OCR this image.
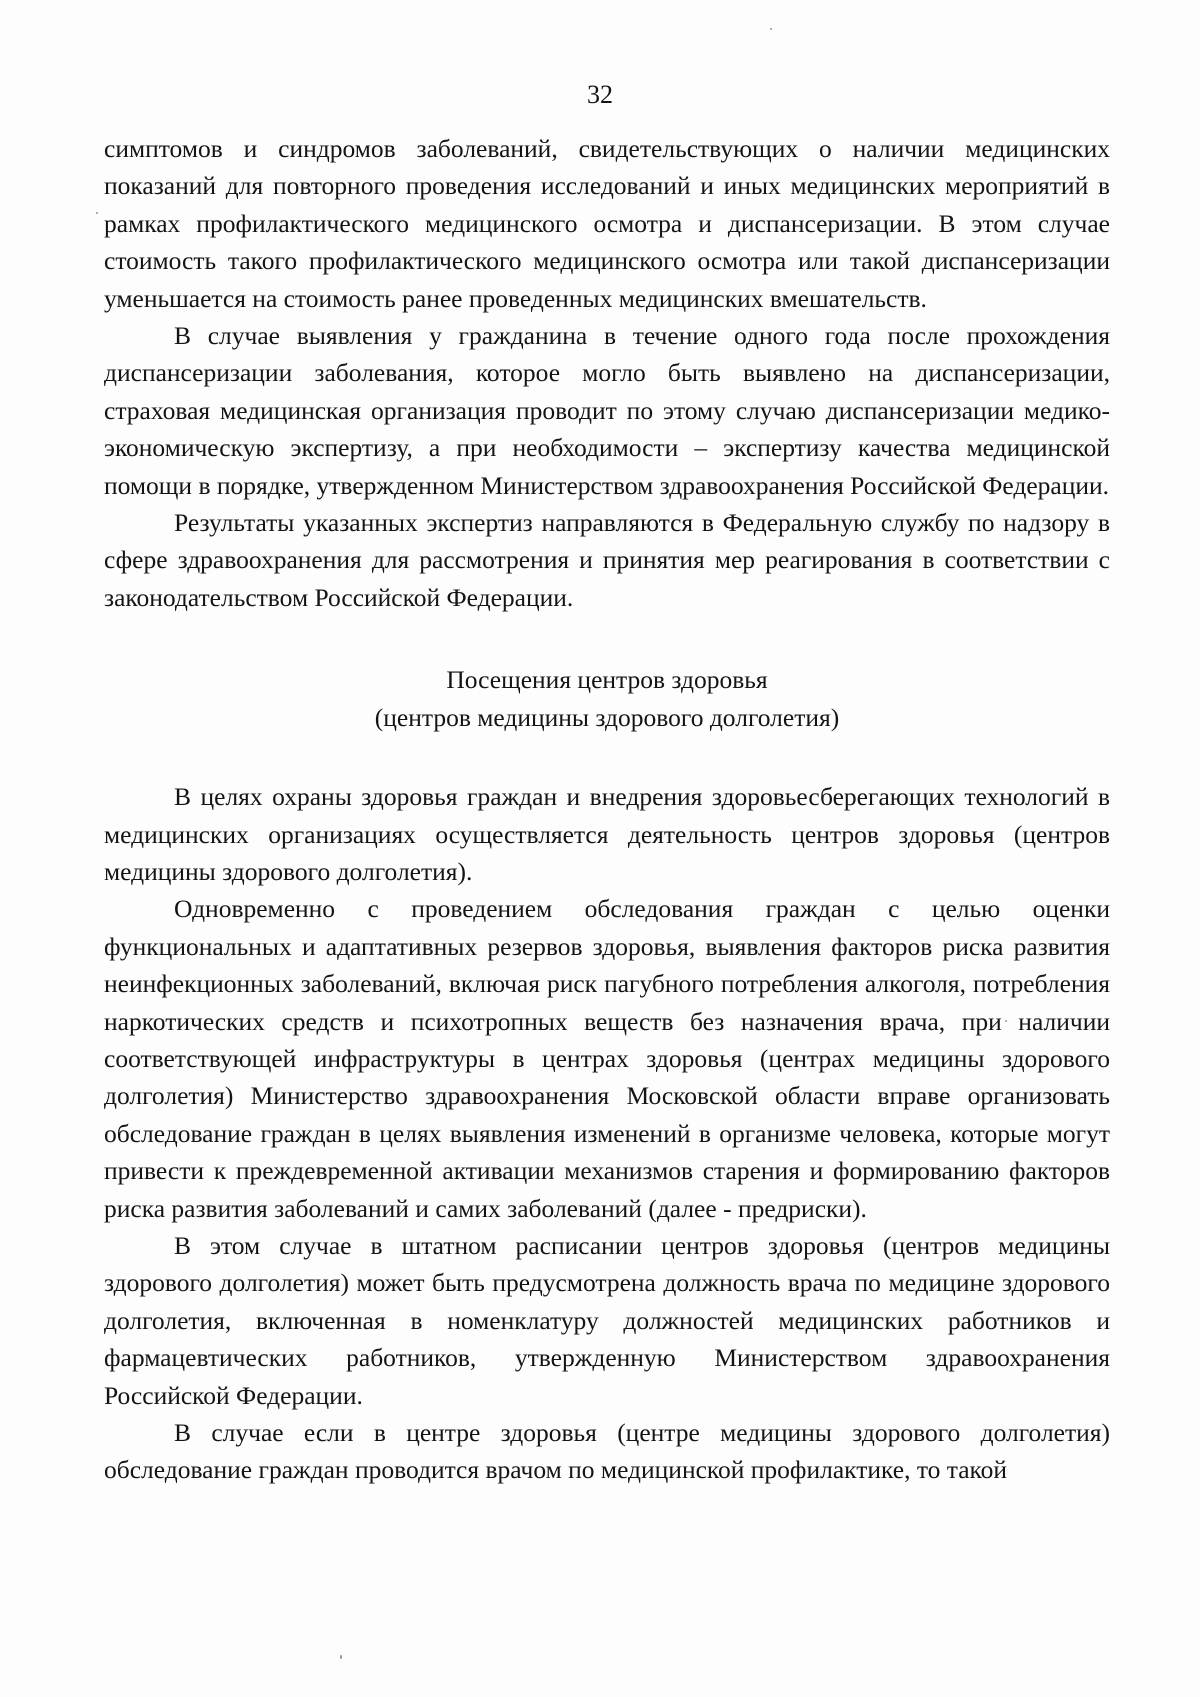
32

симптомов и синдромов заболеваний, свидетельствующих о наличии медицинских показаний для повторного проведения исследований и иных медицинских мероприятий в рамках профилактического медицинского осмотра и диспансеризации. В этом случае стоимость такого профилактического медицинского осмотра или такой диспансеризации уменьшается на стоимость ранее проведенных медицинских вмешательств.

В случае выявления у гражданина в течение одного года после прохождения диспансеризации заболевания, которое могло быть выявлено на диспансеризации, страховая медицинская организация проводит по этому случаю диспансеризации медико-экономическую экспертизу, а при необходимости – экспертизу качества медицинской помощи в порядке, утвержденном Министерством здравоохранения Российской Федерации.

Результаты указанных экспертиз направляются в Федеральную службу по надзору в сфере здравоохранения для рассмотрения и принятия мер реагирования в соответствии с законодательством Российской Федерации.

Посещения центров здоровья
(центров медицины здорового долголетия)

В целях охраны здоровья граждан и внедрения здоровьесберегающих технологий в медицинских организациях осуществляется деятельность центров здоровья (центров медицины здорового долголетия).

Одновременно с проведением обследования граждан с целью оценки функциональных и адаптативных резервов здоровья, выявления факторов риска развития неинфекционных заболеваний, включая риск пагубного потребления алкоголя, потребления наркотических средств и психотропных веществ без назначения врача, при наличии соответствующей инфраструктуры в центрах здоровья (центрах медицины здорового долголетия) Министерство здравоохранения Московской области вправе организовать обследование граждан в целях выявления изменений в организме человека, которые могут привести к преждевременной активации механизмов старения и формированию факторов риска развития заболеваний и самих заболеваний (далее - предриски).

В этом случае в штатном расписании центров здоровья (центров медицины здорового долголетия) может быть предусмотрена должность врача по медицине здорового долголетия, включенная в номенклатуру должностей медицинских работников и фармацевтических работников, утвержденную Министерством здравоохранения Российской Федерации.

В случае если в центре здоровья (центре медицины здорового долголетия) обследование граждан проводится врачом по медицинской профилактике, то такой
